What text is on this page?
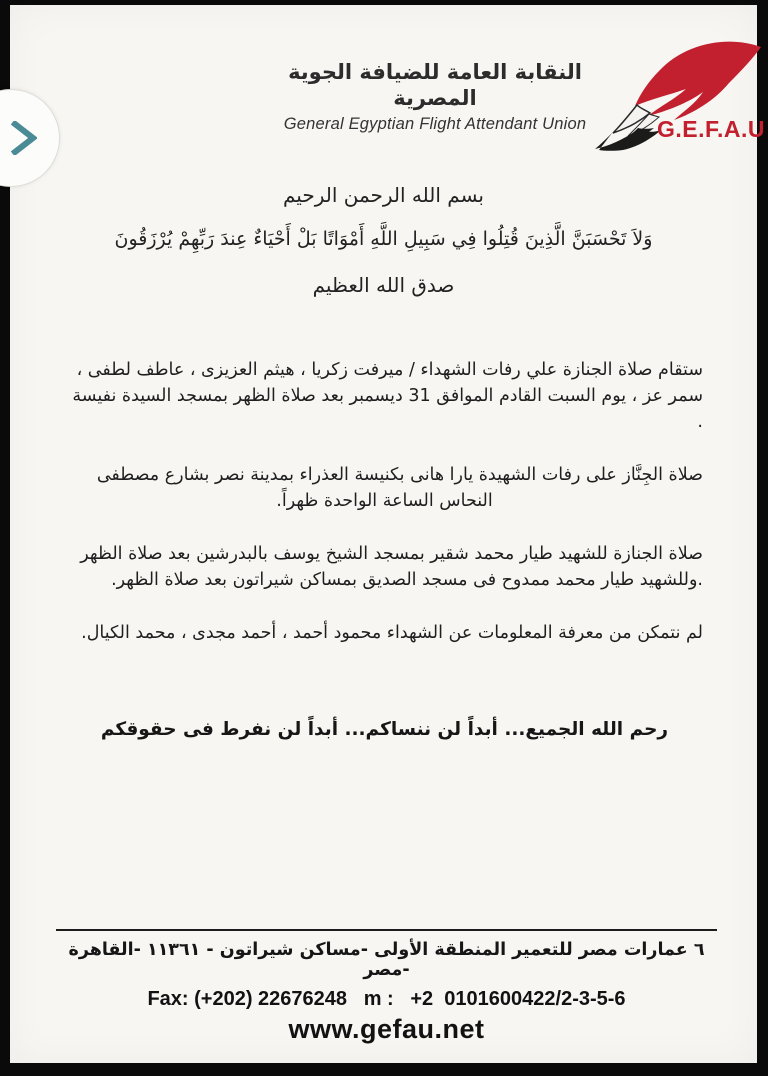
النقابة العامة للضيافة الجوية المصرية
General Egyptian Flight Attendant Union	G.E.F.A.U
بسم الله الرحمن الرحيم
وَلاَ تَحْسَبَنَّ الَّذِينَ قُتِلُوا فِي سَبِيلِ اللَّهِ أَمْوَاتًا بَلْ أَحْيَاءٌ عِندَ رَبِّهِمْ يُرْزَقُونَ
صدق الله العظيم

ستقام صلاة الجنازة علي رفات الشهداء / ميرفت زكريا ، هيثم العزيزى ، عاطف لطفى ،
سمر عز ، يوم السبت القادم الموافق 31 ديسمبر بعد صلاة الظهر بمسجد السيدة نفيسة .

صلاة الجِنَّاز على رفات الشهيدة يارا هانى بكنيسة العذراء بمدينة نصر بشارع مصطفى
النحاس الساعة الواحدة ظهراً.

صلاة الجنازة للشهيد طيار محمد شقير بمسجد الشيخ يوسف بالبدرشين بعد صلاة الظهر
.وللشهيد طيار محمد ممدوح فى مسجد الصديق بمساكن شيراتون بعد صلاة الظهر.

لم نتمكن من معرفة المعلومات عن الشهداء محمود أحمد ، أحمد مجدى ، محمد الكيال.

رحم الله الجميع... أبداً لن ننساكم... أبداً لن نفرط فى حقوقكم
٦ عمارات مصر للتعمير المنطقة الأولى -مساكن شيراتون - ١١٣٦١ -القاهرة -مصر
Fax: (+202) 22676248   m :   +2  0101600422/2-3-5-6
www.gefau.net
